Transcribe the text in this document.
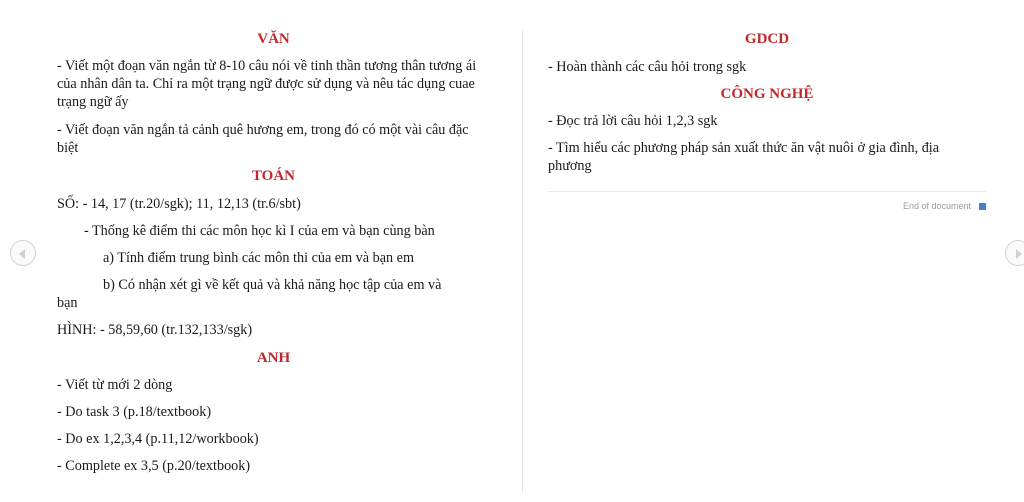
VĂN

- Viết một đoạn văn ngắn từ 8-10 câu nói về tinh thần tương thân tương ái của nhân dân ta. Chỉ ra một trạng ngữ được sử dụng và nêu tác dụng cuae trạng ngữ ấy

- Viết đoạn văn ngắn tả cảnh quê hương em, trong đó có một vài câu đặc biệt

TOÁN

SỐ: - 14, 17 (tr.20/sgk); 11, 12,13 (tr.6/sbt)

- Thống kê điểm thi các môn học kì I của em và bạn cùng bàn

a) Tính điểm trung bình các môn thi của em và bạn em

b) Có nhận xét gì về kết quả và khả năng học tập của em và

bạn

HÌNH: - 58,59,60 (tr.132,133/sgk)

ANH

- Viết từ mới 2 dòng

- Do task 3 (p.18/textbook)

- Do ex 1,2,3,4 (p.11,12/workbook)

- Complete ex 3,5 (p.20/textbook)

GDCD

- Hoàn thành các câu hỏi trong sgk

CÔNG NGHỆ

- Đọc trả lời câu hỏi 1,2,3 sgk

- Tìm hiểu các phương pháp sản xuất thức ăn vật nuôi ở gia đình, địa phương

End of document
